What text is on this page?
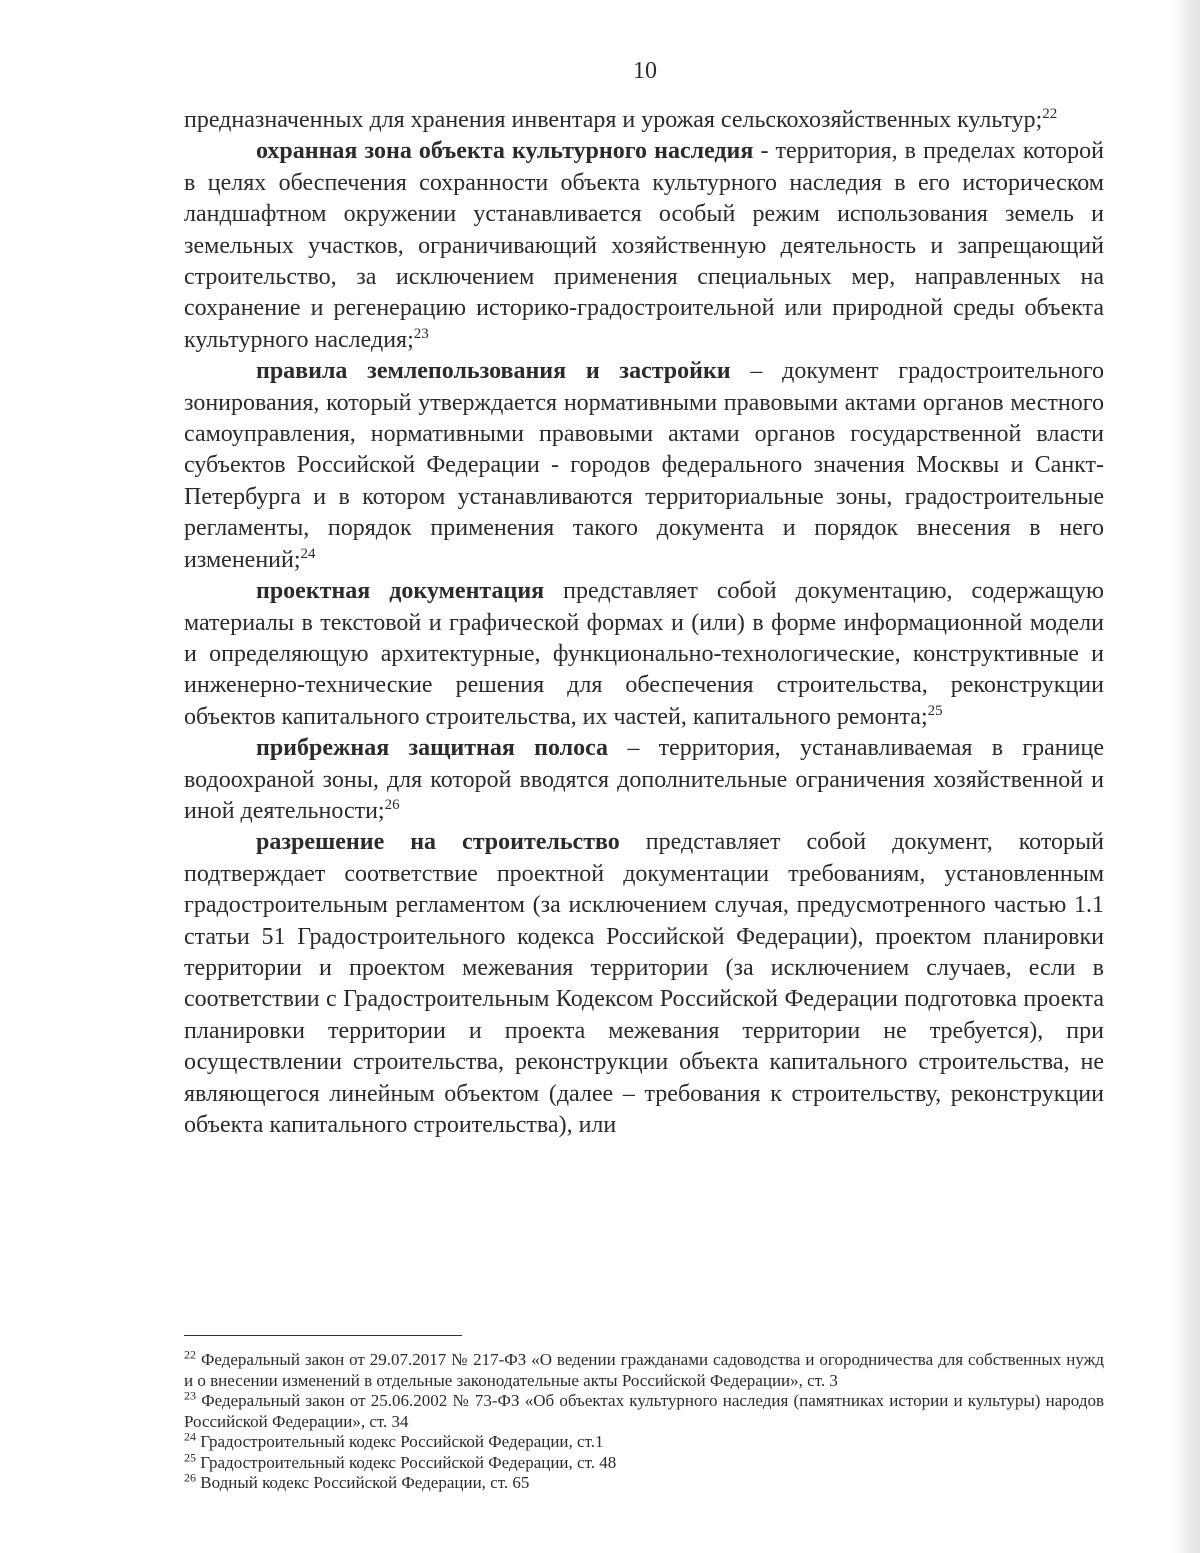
10

предназначенных для хранения инвентаря и урожая сельскохозяйственных культур;$^{22}$

охранная зона объекта культурного наследия - территория, в пределах которой в целях обеспечения сохранности объекта культурного наследия в его историческом ландшафтном окружении устанавливается особый режим использования земель и земельных участков, ограничивающий хозяйственную деятельность и запрещающий строительство, за исключением применения специальных мер, направленных на сохранение и регенерацию историко-градостроительной или природной среды объекта культурного наследия;$^{23}$

правила землепользования и застройки – документ градостроительного зонирования, который утверждается нормативными правовыми актами органов местного самоуправления, нормативными правовыми актами органов государственной власти субъектов Российской Федерации - городов федерального значения Москвы и Санкт-Петербурга и в котором устанавливаются территориальные зоны, градостроительные регламенты, порядок применения такого документа и порядок внесения в него изменений;$^{24}$

проектная документация представляет собой документацию, содержащую материалы в текстовой и графической формах и (или) в форме информационной модели и определяющую архитектурные, функционально-технологические, конструктивные и инженерно-технические решения для обеспечения строительства, реконструкции объектов капитального строительства, их частей, капитального ремонта;$^{25}$

прибрежная защитная полоса – территория, устанавливаемая в границе водоохраной зоны, для которой вводятся дополнительные ограничения хозяйственной и иной деятельности;$^{26}$

разрешение на строительство представляет собой документ, который подтверждает соответствие проектной документации требованиям, установленным градостроительным регламентом (за исключением случая, предусмотренного частью 1.1 статьи 51 Градостроительного кодекса Российской Федерации), проектом планировки территории и проектом межевания территории (за исключением случаев, если в соответствии с Градостроительным Кодексом Российской Федерации подготовка проекта планировки территории и проекта межевания территории не требуется), при осуществлении строительства, реконструкции объекта капитального строительства, не являющегося линейным объектом (далее – требования к строительству, реконструкции объекта капитального строительства), или

$^{22}$ Федеральный закон от 29.07.2017 № 217-ФЗ «О ведении гражданами садоводства и огородничества для собственных нужд и о внесении изменений в отдельные законодательные акты Российской Федерации», ст. 3

$^{23}$ Федеральный закон от 25.06.2002 № 73-ФЗ «Об объектах культурного наследия (памятниках истории и культуры) народов Российской Федерации», ст. 34

$^{24}$ Градостроительный кодекс Российской Федерации, ст.1

$^{25}$ Градостроительный кодекс Российской Федерации, ст. 48

$^{26}$ Водный кодекс Российской Федерации, ст. 65
